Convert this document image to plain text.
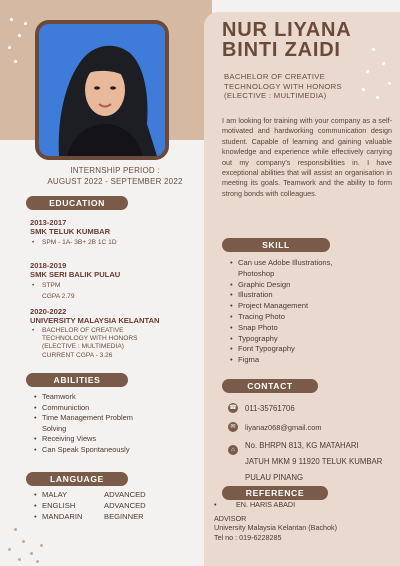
INTERNSHIP PERIOD :
AUGUST 2022 - SEPTEMBER 2022
EDUCATION
2013-2017
SMK TELUK KUMBAR
• SPM - 1A- 3B+ 2B 1C 1D
2018-2019
SMK SERI BALIK PULAU
• STPM
CGPA 2.79
2020-2022
UNIVERSITY MALAYSIA KELANTAN
• BACHELOR OF CREATIVE
TECHNOLOGY WITH HONORS
(ELECTIVE : MULTIMEDIA)
CURRENT CGPA - 3.26
ABILITIES
• Teamwork
• Communiction
• Time Management Problem
Solving
• Receiving Views
• Can Speak Spontaneously
LANGUAGE
• MALAY	ADVANCED
• ENGLISH	ADVANCED
• MANDARIN	BEGINNER
NUR LIYANA
BINTI ZAIDI
BACHELOR OF CREATIVE
TECHNOLOGY WITH HONORS
(ELECTIVE : MULTIMEDIA)
I am looking for training with your company as a self-motivated and hardworking communication design student. Capable of learning and gaining valuable knowledge and experience while effectively carrying out my company's responsibilities in. I have exceptional abilities that will assist an organisation in meeting its goals. Teamwork and the ability to form strong bonds with colleagues.
SKILL
• Can use Adobe Illustrations,
Photoshop
• Graphic Design
• Illustration
• Project Management
• Tracing Photo
• Snap Photo
• Typography
• Font Typography
• Figma
CONTACT
☎ 011-35761706
✉	liyanaz068@gmail.com
⌂	No. BHRPN 813, KG MATAHARI
JATUH MKM 9 11920 TELUK KUMBAR
PULAU PINANG
REFERENCE
• EN. HARIS ABADI
ADVISOR
University Malaysia Kelantan (Bachok)
Tel no : 019-6228285
